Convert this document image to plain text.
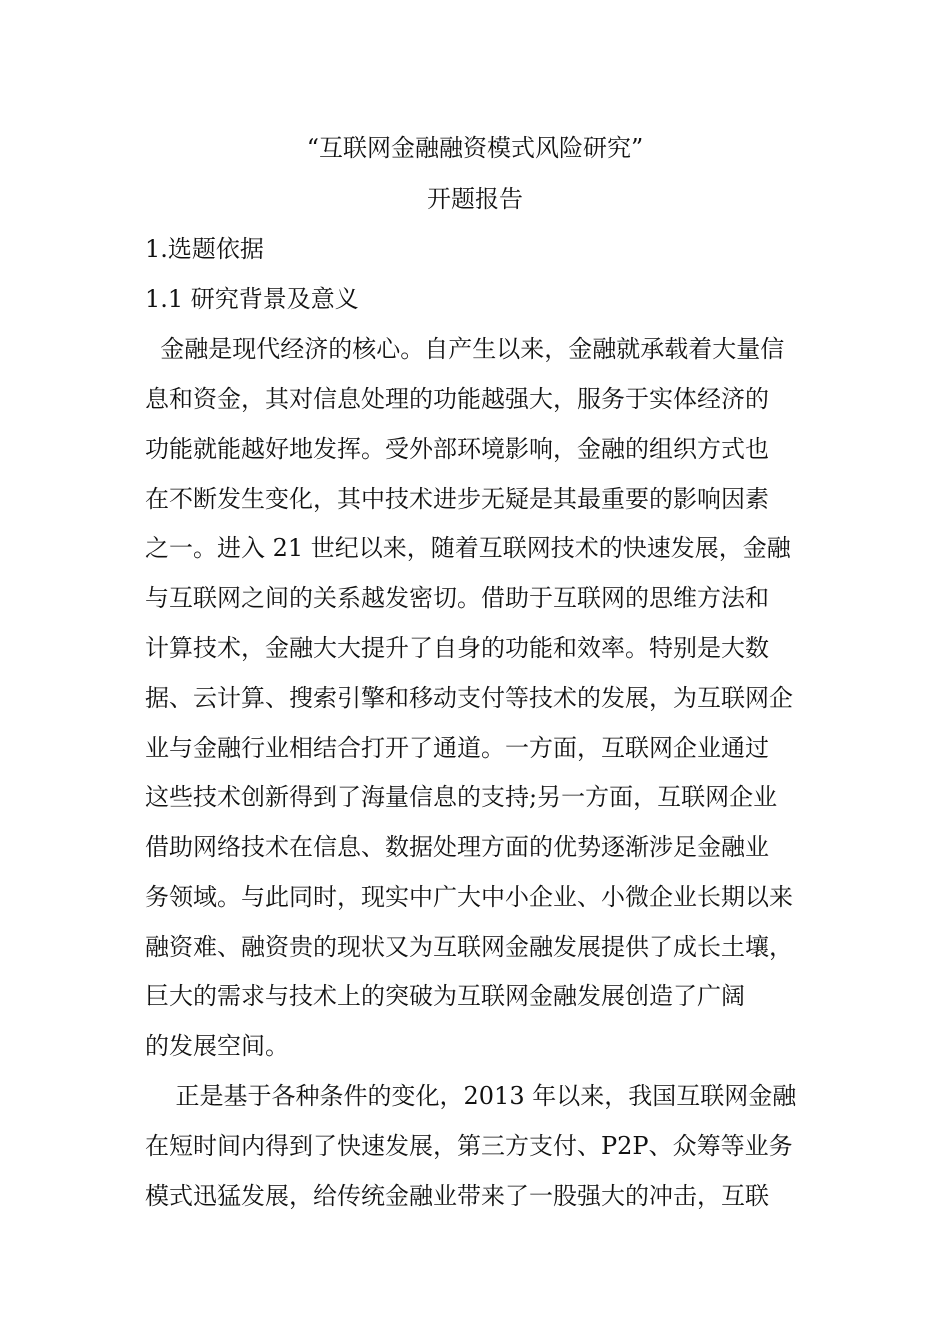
“互联网金融融资模式风险研究”
开题报告
1.选题依据
1.1 研究背景及意义
金融是现代经济的核心。自产生以来，金融就承载着大量信
息和资金，其对信息处理的功能越强大，服务于实体经济的
功能就能越好地发挥。受外部环境影响，金融的组织方式也
在不断发生变化，其中技术进步无疑是其最重要的影响因素
之一。进入 21 世纪以来，随着互联网技术的快速发展，金融
与互联网之间的关系越发密切。借助于互联网的思维方法和
计算技术，金融大大提升了自身的功能和效率。特别是大数
据、云计算、搜索引擎和移动支付等技术的发展，为互联网企
业与金融行业相结合打开了通道。一方面，互联网企业通过
这些技术创新得到了海量信息的支持;另一方面，互联网企业
借助网络技术在信息、数据处理方面的优势逐渐涉足金融业
务领域。与此同时，现实中广大中小企业、小微企业长期以来
融资难、融资贵的现状又为互联网金融发展提供了成长土壤，
巨大的需求与技术上的突破为互联网金融发展创造了广阔
的发展空间。
正是基于各种条件的变化，2013 年以来，我国互联网金融
在短时间内得到了快速发展，第三方支付、P2P、众筹等业务
模式迅猛发展，给传统金融业带来了一股强大的冲击，互联
